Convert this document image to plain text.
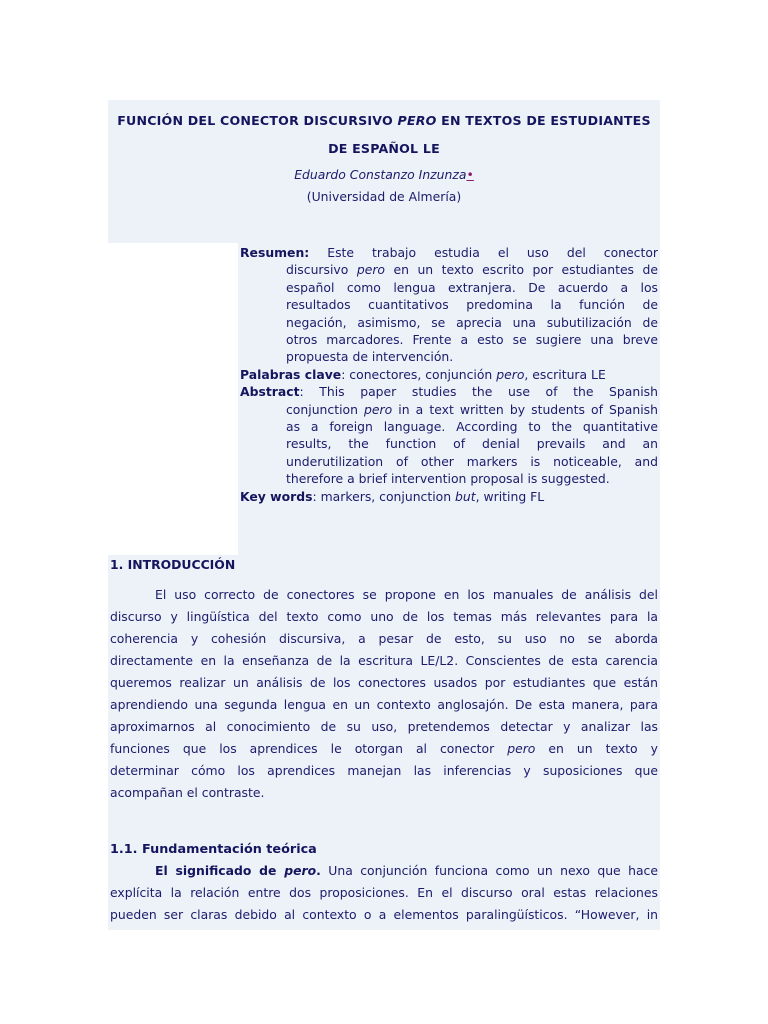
FUNCIÓN DEL CONECTOR DISCURSIVO PERO EN TEXTOS DE ESTUDIANTES
DE ESPAÑOL LE
Eduardo Constanzo Inzunza•
(Universidad de Almería)
Resumen: Este trabajo estudia el uso del conector
discursivo pero en un texto escrito por estudiantes de
español como lengua extranjera. De acuerdo a los
resultados cuantitativos predomina la función de
negación, asimismo, se aprecia una subutilización de
otros marcadores. Frente a esto se sugiere una breve
propuesta de intervención.
Palabras clave: conectores, conjunción pero, escritura LE
Abstract: This paper studies the use of the Spanish
conjunction pero in a text written by students of Spanish
as a foreign language. According to the quantitative
results, the function of denial prevails and an
underutilization of other markers is noticeable, and
therefore a brief intervention proposal is suggested.
Key words: markers, conjunction but, writing FL
1. INTRODUCCIÓN
El uso correcto de conectores se propone en los manuales de análisis del
discurso y lingüística del texto como uno de los temas más relevantes para la
coherencia y cohesión discursiva, a pesar de esto, su uso no se aborda
directamente en la enseñanza de la escritura LE/L2. Conscientes de esta carencia
queremos realizar un análisis de los conectores usados por estudiantes que están
aprendiendo una segunda lengua en un contexto anglosajón. De esta manera, para
aproximarnos al conocimiento de su uso, pretendemos detectar y analizar las
funciones que los aprendices le otorgan al conector pero en un texto y
determinar cómo los aprendices manejan las inferencias y suposiciones que
acompañan el contraste.
1.1. Fundamentación teórica
El significado de pero. Una conjunción funciona como un nexo que hace
explícita la relación entre dos proposiciones. En el discurso oral estas relaciones
pueden ser claras debido al contexto o a elementos paralingüísticos. “However, in
